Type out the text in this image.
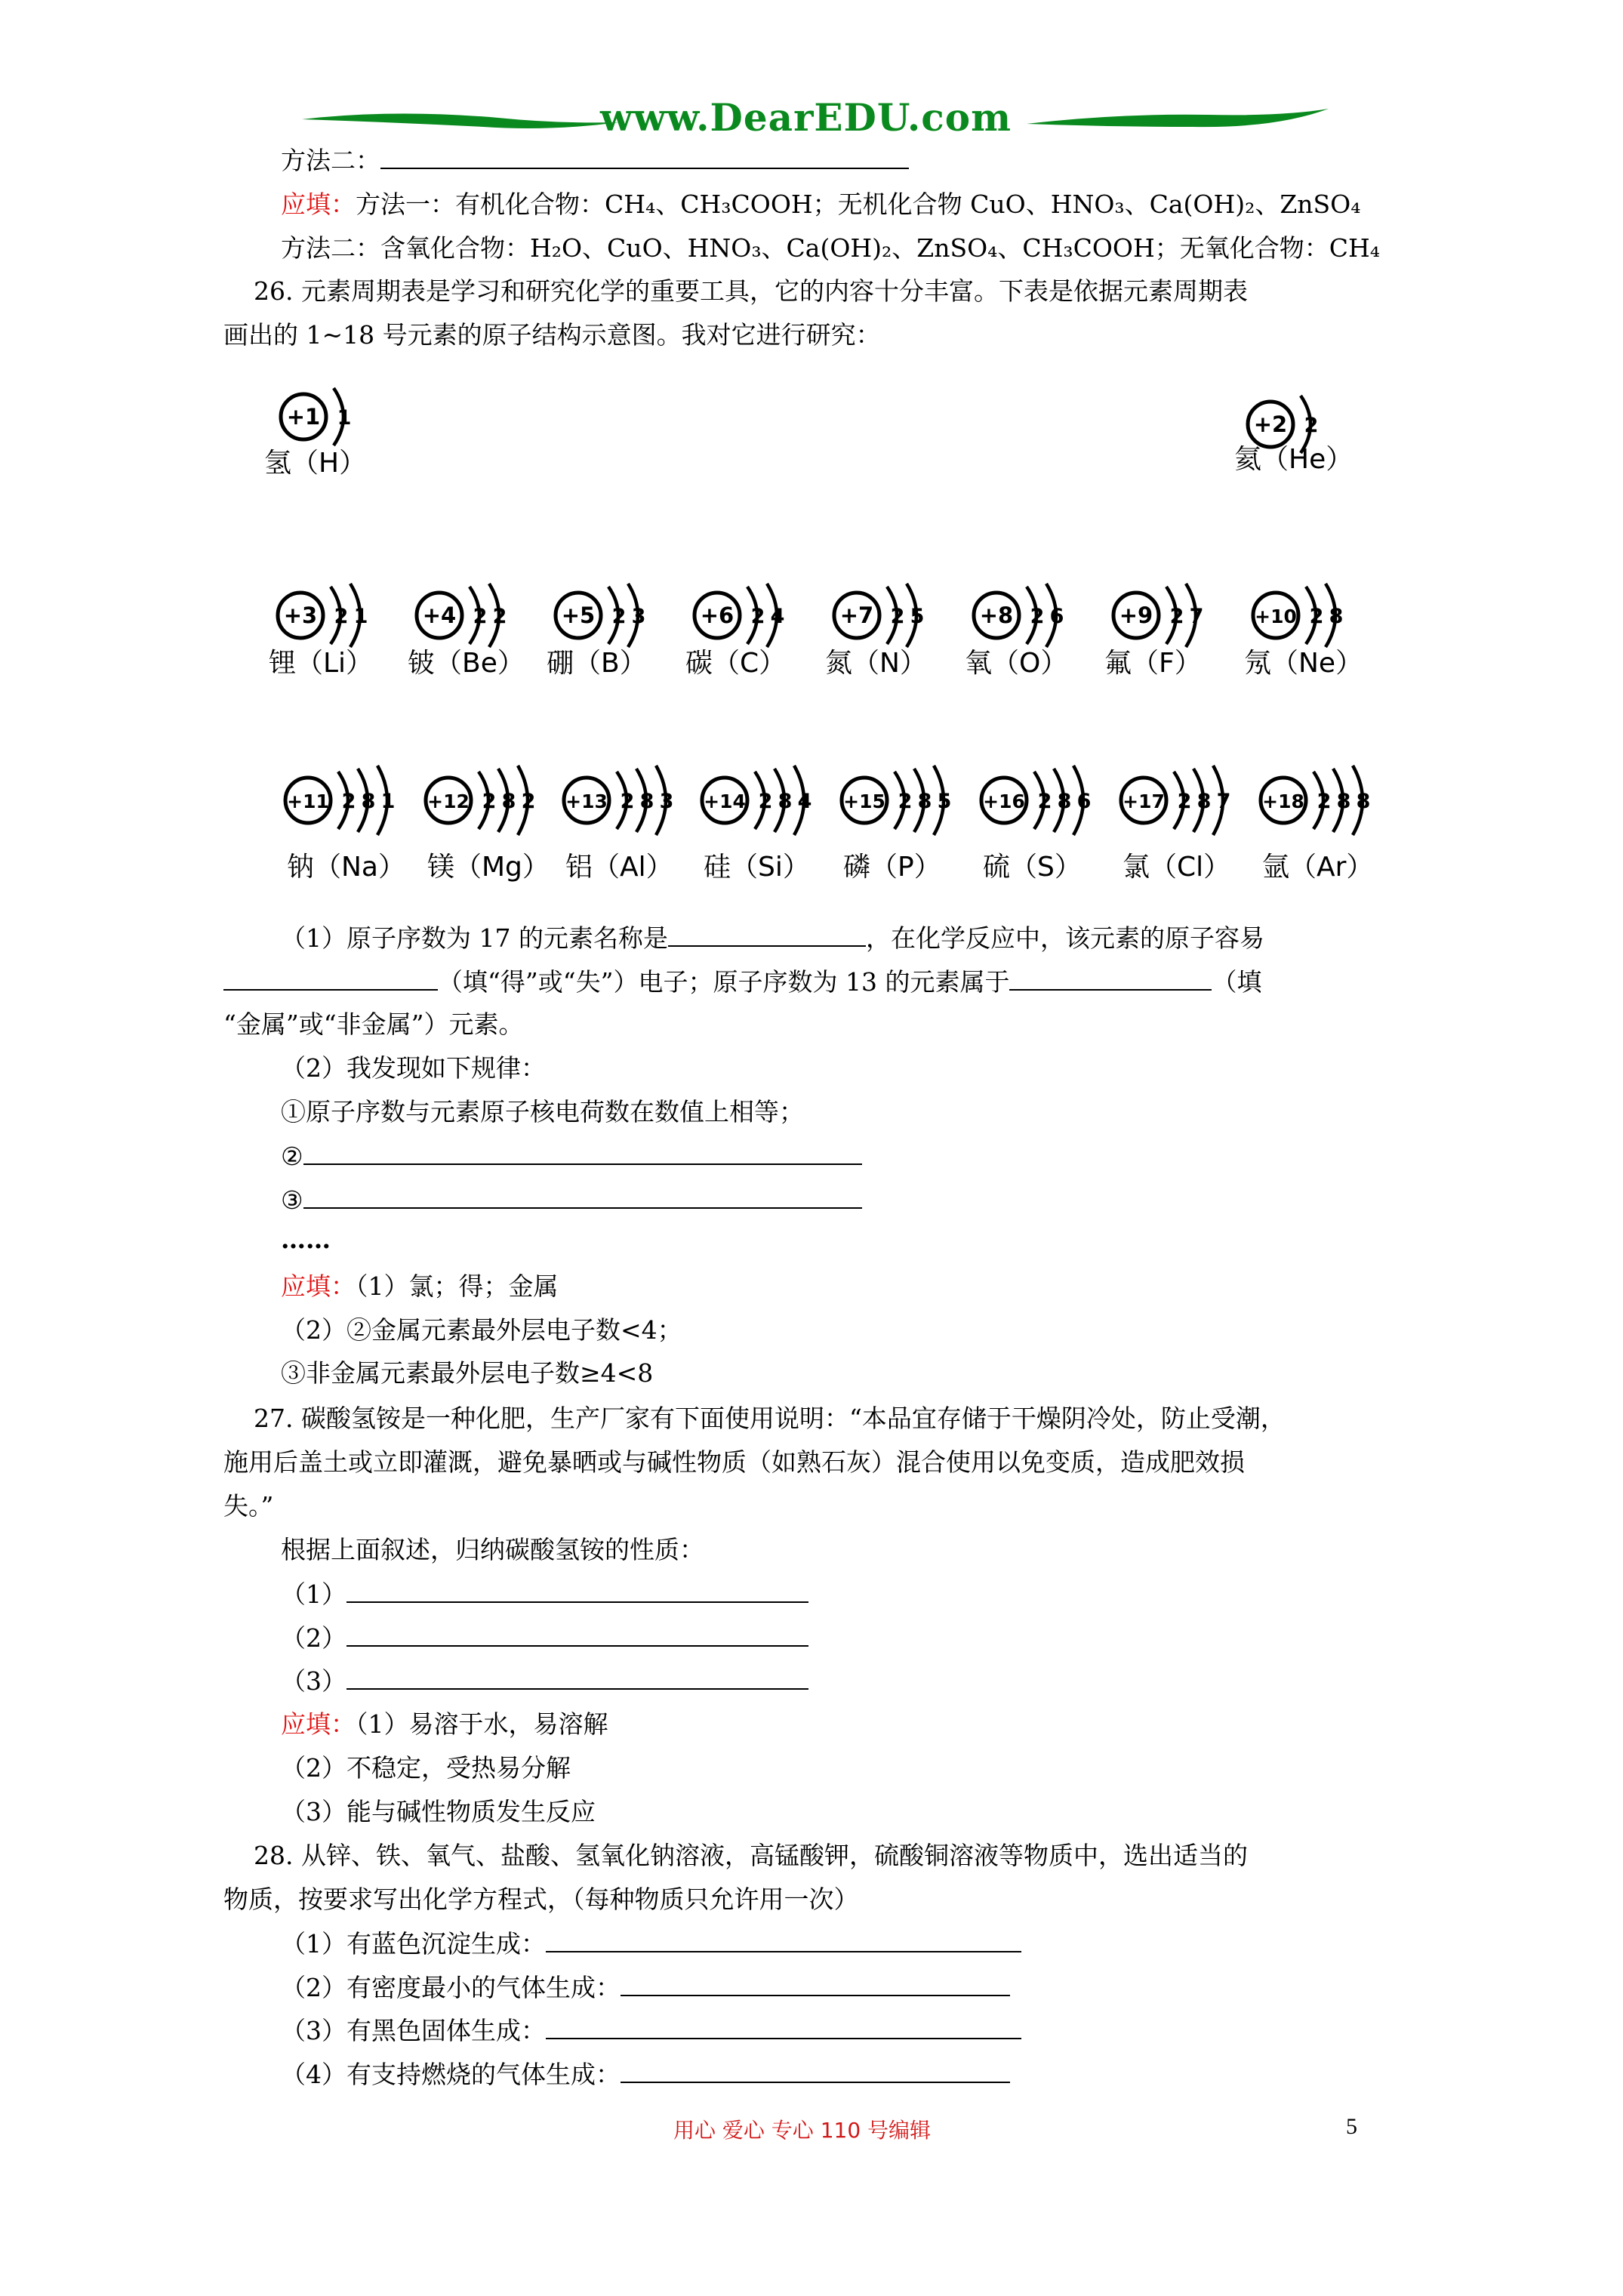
www.DearEDU.com
方法二：
应填：方法一：有机化合物：CH₄、CH₃COOH；无机化合物 CuO、HNO₃、Ca(OH)₂、ZnSO₄
方法二：含氧化合物：H₂O、CuO、HNO₃、Ca(OH)₂、ZnSO₄、CH₃COOH；无氧化合物：CH₄
26. 元素周期表是学习和研究化学的重要工具，它的内容十分丰富。下表是依据元素周期表
画出的 1~18 号元素的原子结构示意图。我对它进行研究：
+1 1
氢（H）
+2 2
氦（He）
+3 2 1
锂（Li）
+4 2 2
铍（Be）
+5 2 3
硼（B）
+6 2 4
碳（C）
+7 2 5
氮（N）
+8 2 6
氧（O）
+9 2 7
氟（F）
+10 2 8
氖（Ne）
+11 2 8 1
钠（Na）
+12 2 8 2
镁（Mg）
+13 2 8 3
铝（Al）
+14 2 8 4
硅（Si）
+15 2 8 5
磷（P）
+16 2 8 6
硫（S）
+17 2 8 7
氯（Cl）
+18 2 8 8
氩（Ar）
（1）原子序数为 17 的元素名称是	，在化学反应中，该元素的原子容易
（填“得”或“失”）电子；原子序数为 13 的元素属于	（填
“金属”或“非金属”）元素。
（2）我发现如下规律：
①原子序数与元素原子核电荷数在数值上相等；
②
③
……
应填：（1）氯；得；金属
（2）②金属元素最外层电子数<4；
③非金属元素最外层电子数≥4<8
27. 碳酸氢铵是一种化肥，生产厂家有下面使用说明：“本品宜存储于干燥阴冷处，防止受潮，
施用后盖土或立即灌溉，避免暴晒或与碱性物质（如熟石灰）混合使用以免变质，造成肥效损
失。”
根据上面叙述，归纳碳酸氢铵的性质：
（1）
（2）
（3）
应填：（1）易溶于水，易溶解
（2）不稳定，受热易分解
（3）能与碱性物质发生反应
28. 从锌、铁、氧气、盐酸、氢氧化钠溶液，高锰酸钾，硫酸铜溶液等物质中，选出适当的
物质，按要求写出化学方程式，（每种物质只允许用一次）
（1）有蓝色沉淀生成：
（2）有密度最小的气体生成：
（3）有黑色固体生成：
（4）有支持燃烧的气体生成：
用心 爱心 专心 110 号编辑	5
